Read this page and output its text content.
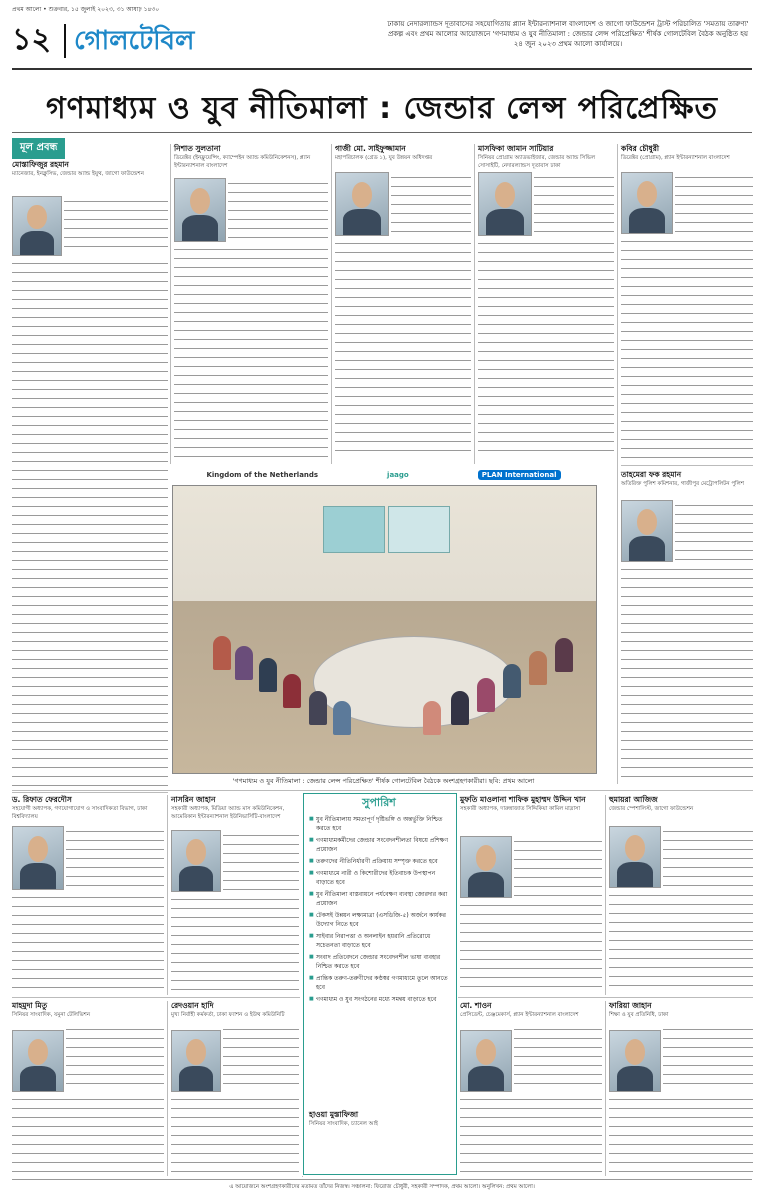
প্রথম আলো • শুক্রবার, ১৫ জুলাই ২০২৩, ৩১ আষাঢ় ১৪৩০
১২ গোলটেবিল
ঢাকায় নেদারল্যান্ডস দূতাবাসের সহযোগিতায় প্ল্যান ইন্টারন্যাশনাল বাংলাদেশ ও জাগো ফাউন্ডেশন ট্রাস্ট পরিচালিত 'সমতায় তারুণ্য' প্রকল্প এবং প্রথম আলোর আয়োজনে 'গণমাধ্যম ও যুব নীতিমালা : জেন্ডার লেন্স পরিপ্রেক্ষিত' শীর্ষক গোলটেবিল বৈঠক অনুষ্ঠিত হয় ২৪ জুন ২০২৩ প্রথম আলো কার্যালয়ে।
গণমাধ্যম ও যুব নীতিমালা : জেন্ডার লেন্স পরিপ্রেক্ষিত
মূল প্রবন্ধ
মোস্তাফিজুর রহমান
ম্যানেজার, ইনক্লুসিভ, জেন্ডার অ্যান্ড ইয়ুথ, জাগো ফাউন্ডেশন
নিশাত সুলতানা
ডিরেক্টর (ইনফ্লুয়েন্সিং, ক্যাম্পেইন অ্যান্ড কমিউনিকেশনস), প্ল্যান ইন্টারন্যাশনাল বাংলাদেশ
গাজী মো. সাইফুজ্জামান
মহাপরিচালক (গ্রেড ১), যুব উন্নয়ন অধিদপ্তর
মাসফিকা জামান সাটিয়ার
সিনিয়র প্রোগ্রাম অ্যাডভাইজার, জেন্ডার অ্যান্ড সিভিল সোসাইটি, নেদারল্যান্ডস দূতাবাস ঢাকা
কবির চৌধুরী
ডিরেক্টর (প্রোগ্রাম), প্ল্যান ইন্টারন্যাশনাল বাংলাদেশ
তাহমেরা ফক রহমান
অতিরিক্ত পুলিশ কমিশনার, গাজীপুর মেট্রোপলিটন পুলিশ
Kingdom of the Netherlands	jaago	PLAN International
'গণমাধ্যম ও যুব নীতিমালা : জেন্ডার লেন্স পরিপ্রেক্ষিত' শীর্ষক গোলটেবিল বৈঠকে অংশগ্রহণকারীরা। ছবি: প্রথম আলো
ড. রিফাত ফেরদৌস
সহযোগী অধ্যাপক, গণযোগাযোগ ও সাংবাদিকতা বিভাগ, ঢাকা বিশ্ববিদ্যালয়
নাসরিন জাহান
সহকারী অধ্যাপক, মিডিয়া অ্যান্ড মাস কমিউনিকেশন, আমেরিকান ইন্টারন্যাশনাল ইউনিভার্সিটি-বাংলাদেশ
সুপারিশ
■ যুব নীতিমালায় সমতাপূর্ণ দৃষ্টিভঙ্গি ও অন্তর্ভুক্তি নিশ্চিত করতে হবে
■ গণমাধ্যমকর্মীদের জেন্ডার সংবেদনশীলতা বিষয়ে প্রশিক্ষণ প্রয়োজন
■ তরুণদের নীতিনির্ধারণী প্রক্রিয়ায় সম্পৃক্ত করতে হবে
■ গণমাধ্যমে নারী ও কিশোরীদের ইতিবাচক উপস্থাপন বাড়াতে হবে
■ যুব নীতিমালা বাস্তবায়নে পর্যবেক্ষণ ব্যবস্থা জোরদার করা প্রয়োজন
■ টেকসই উন্নয়ন লক্ষ্যমাত্রা (এসডিজি-৫) অর্জনে কার্যকর উদ্যোগ নিতে হবে
■ সাইবার নিরাপত্তা ও অনলাইন হয়রানি প্রতিরোধে সচেতনতা বাড়াতে হবে
■ সংবাদ প্রতিবেদনে জেন্ডার সংবেদনশীল ভাষা ব্যবহার নিশ্চিত করতে হবে
■ প্রান্তিক তরুণ-তরুণীদের কণ্ঠস্বর গণমাধ্যমে তুলে আনতে হবে
■ গণমাধ্যম ও যুব সংগঠনের মধ্যে সমন্বয় বাড়াতে হবে
মুফতি মাওলানা শাফিক মুহাম্মদ উদ্দিন খান
সহকারী অধ্যাপক, দারুন্নাজাত সিদ্দিকিয়া কামিল মাদ্রাসা
হুমায়রা আজিজ
জেন্ডার স্পেশালিস্ট, জাগো ফাউন্ডেশন
মাহমুদা মিতু
সিনিয়র সাংবাদিক, যমুনা টেলিভিশন
রেদওয়ান হাদি
মুখ্য নির্বাহী কর্মকর্তা, ঢাকা ফ্যাশন ও ইউথ কমিউনিটি
মো. শাওন
প্রেসিডেন্ট, চেঞ্জমেকার্স, প্ল্যান ইন্টারন্যাশনাল বাংলাদেশ
ফারিয়া জাহান
শিক্ষা ও যুব প্রতিনিধি, ঢাকা
হাওয়া মুস্তাফিজা
সিনিয়র সাংবাদিক, চ্যানেল আই
এ আয়োজনে অংশগ্রহণকারীদের মতামত তাঁদের নিজস্ব। সঞ্চালনা: ফিরোজ চৌধুরী, সহকারী সম্পাদক, প্রথম আলো। অনুলিখন: প্রথম আলো।
